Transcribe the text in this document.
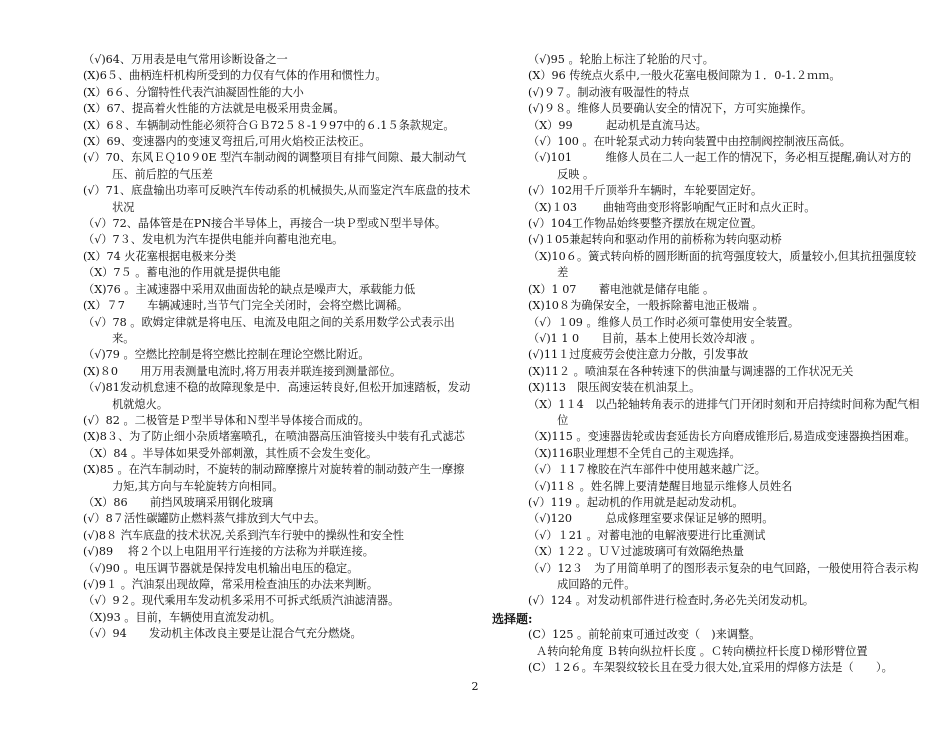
（√)64、万用表是电气常用诊断设备之一
(X)6５、曲柄连杆机构所受到的力仅有气体的作用和惯性力。
(X）6６、分馏特性代表汽油凝固性能的大小
(X）67、提高着火性能的方法就是电极采用贵金属。
(X）6８、车辆制动性能必须符合ＧＢ72５８-1９97中的６.1５条款规定。
(X）69、变速器内的变速叉弯扭后,可用火焰校正法校正。
(√）70、东风ＥＱ10９0E 型汽车制动阀的调整项目有排气间隙、最大制动气压、前后腔的气压差
(√）71、底盘输出功率可反映汽车传动系的机械损失,从而鉴定汽车底盘的技术状况
（√）72、晶体管是在PN接合半导体上，再接合一块Ｐ型或Ｎ型半导体。
（√）7３、发电机为汽车提供电能并向蓄电池充电。
(X）74 火花塞根据电极来分类
（X）7５ 。蓄电池的作用就是提供电能
（X)76 。主减速器中采用双曲面齿轮的缺点是噪声大，承载能力低
(X）７7　　车辆减速时,当节气门完全关闭时，会将空燃比调稀。
（√）78 。欧姆定律就是将电压、电流及电阻之间的关系用数学公式表示出来。
（√)79 。空燃比控制是将空燃比控制在理论空燃比附近。
(X)８0　　用万用表测量电流时,将万用表并联连接到测量部位。
（√)81发动机怠速不稳的故障现象是中．高速运转良好,但松开加速踏板，发动机就熄火。
(√）82 。二极管是Ｐ型半导体和Ｎ型半导体接合而成的。
(X)8３、为了防止细小杂质堵塞喷孔，在喷油器高压油管接头中装有孔式滤芯
（X）84 。半导体如果受外部刺激，其性质不会发生变化。
(X)85 。在汽车制动时，不旋转的制动蹄摩擦片对旋转着的制动鼓产生一摩擦力矩,其方向与车轮旋转方向相同。
（X）86　　前挡风玻璃采用钢化玻璃
(√）8７活性碳罐防止燃料蒸气排放到大气中去。
(√)8８ 汽车底盘的技术状况,关系到汽车行驶中的操纵性和安全性
(√)89　 将２个以上电阻用平行连接的方法称为并联连接。
（√)90 。电压调节器就是保持发电机输出电压的稳定。
(√)9１ 。汽油泵出现故障，常采用检查油压的办法来判断。
（√）9２。现代乘用车发动机多采用不可拆式纸质汽油滤清器。
（X)93 。目前，车辆使用直流发动机。
（√）94　　发动机主体改良主要是让混合气充分燃烧。
（√)95 。轮胎上标注了轮胎的尺寸。
(X）96 传统点火系中,一般火花塞电极间隙为１．0-1.２ｍｍ。
(√)９７。制动液有吸湿性的特点
(√)９８。维修人员要确认安全的情况下，方可实施操作。
（X）99　　　起动机是直流马达。
（√）100 。在叶轮泵式动力转向装置中由控制阀控制液压高低。
（√)101　　　维修人员在二人一起工作的情况下，务必相互提醒,确认对方的反映 。
(√）102用千斤顶举升车辆时，车轮要固定好。
（X)１03　　 曲轴弯曲变形将影响配气正时和点火正时。
(√）104工作物品始终要整齐摆放在规定位置。
(√)１05兼起转向和驱动作用的前桥称为转向驱动桥
（X)10６。簧式转向桥的圆形断面的抗弯强度较大，质量较小,但其抗扭强度较差
(X）1 07　　蓄电池就是储存电能 。
(X)10８为确保安全，一般拆除蓄电池正极端 。
（√）１09 。维修人员工作时必须可靠使用安全装置。
（√)1 1 0　　目前，基本上使用长效冷却液 。
(√)11１过度疲劳会使注意力分散，引发事故
(X)11２ 。喷油泵在各种转速下的供油量与调速器的工作状况无关
(X)113　限压阀安装在机油泵上。
（X）1１4　以凸轮轴转角表示的进排气门开闭时刻和开启持续时间称为配气相位
（X)115 。变速器齿轮或齿套延齿长方向磨成锥形后,易造成变速器换挡困难。
（X)116职业理想不全凭自己的主观选择。
（√）１1７橡胶在汽车部件中使用越来越广泛。
（√)11８ 。姓名牌上要清楚醒目地显示维修人员姓名
(√）119 。起动机的作用就是起动发动机。
（√)120　　　总成修理室要求保证足够的照明。
（√）１21 。对蓄电池的电解液要进行比重测试
（X）1２2 。ＵＶ过滤玻璃可有效隔绝热量
（√）12３　为了用简单明了的图形表示复杂的电气回路，一般使用符合表示构成回路的元件。
(√）124 。对发动机部件进行检查时,务必先关闭发动机。
选择题:
(C）125 。前轮前束可通过改变（　)来调整。
Ａ转向轮角度 Ｂ转向纵拉杆长度 。Ｃ转向横拉杆长度Ｄ梯形臂位置
(C）１2６。车架裂纹较长且在受力很大处,宜采用的焊修方法是（　　）。
2
